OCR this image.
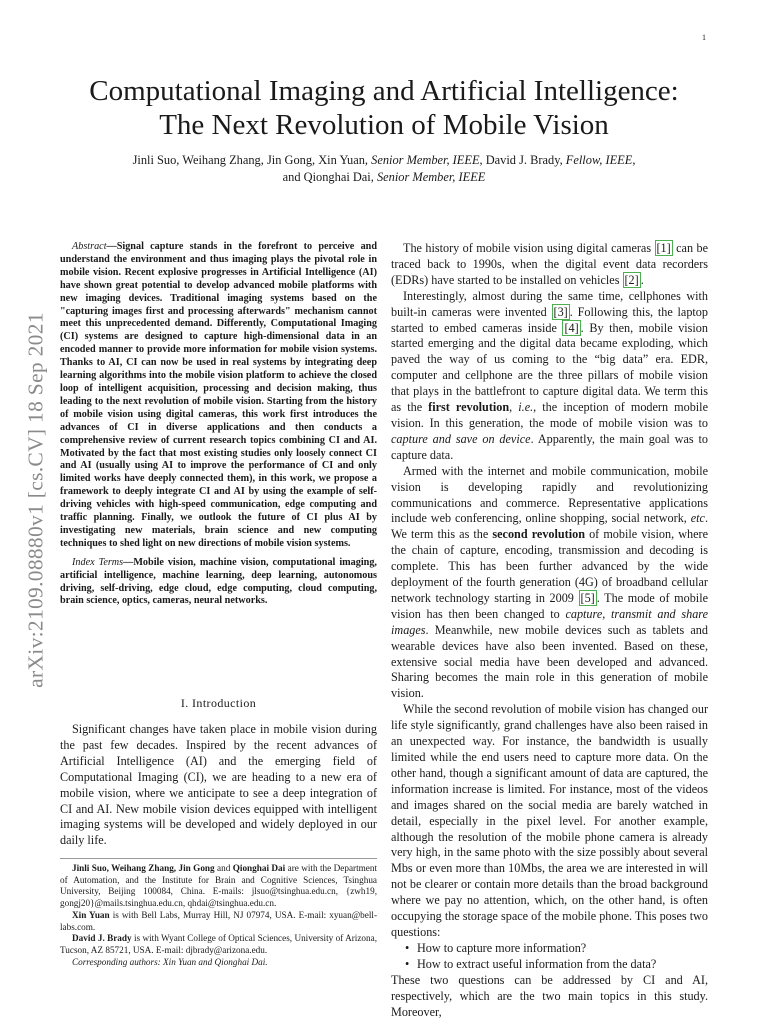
1
arXiv:2109.08880v1 [cs.CV] 18 Sep 2021
Computational Imaging and Artificial Intelligence:
The Next Revolution of Mobile Vision
Jinli Suo, Weihang Zhang, Jin Gong, Xin Yuan, Senior Member, IEEE, David J. Brady, Fellow, IEEE,
and Qionghai Dai, Senior Member, IEEE

Abstract—Signal capture stands in the forefront to perceive and understand the environment and thus imaging plays the pivotal role in mobile vision. Recent explosive progresses in Artificial Intelligence (AI) have shown great potential to develop advanced mobile platforms with new imaging devices. Traditional imaging systems based on the "capturing images first and processing afterwards" mechanism cannot meet this unprecedented demand. Differently, Computational Imaging (CI) systems are designed to capture high-dimensional data in an encoded manner to provide more information for mobile vision systems. Thanks to AI, CI can now be used in real systems by integrating deep learning algorithms into the mobile vision platform to achieve the closed loop of intelligent acquisition, processing and decision making, thus leading to the next revolution of mobile vision. Starting from the history of mobile vision using digital cameras, this work first introduces the advances of CI in diverse applications and then conducts a comprehensive review of current research topics combining CI and AI. Motivated by the fact that most existing studies only loosely connect CI and AI (usually using AI to improve the performance of CI and only limited works have deeply connected them), in this work, we propose a framework to deeply integrate CI and AI by using the example of self-driving vehicles with high-speed communication, edge computing and traffic planning. Finally, we outlook the future of CI plus AI by investigating new materials, brain science and new computing techniques to shed light on new directions of mobile vision systems.

Index Terms—Mobile vision, machine vision, computational imaging, artificial intelligence, machine learning, deep learning, autonomous driving, self-driving, edge cloud, edge computing, cloud computing, brain science, optics, cameras, neural networks.

I. Introduction

Significant changes have taken place in mobile vision during the past few decades. Inspired by the recent advances of Artificial Intelligence (AI) and the emerging field of Computational Imaging (CI), we are heading to a new era of mobile vision, where we anticipate to see a deep integration of CI and AI. New mobile vision devices equipped with intelligent imaging systems will be developed and widely deployed in our daily life.

Jinli Suo, Weihang Zhang, Jin Gong and Qionghai Dai are with the Department of Automation, and the Institute for Brain and Cognitive Sciences, Tsinghua University, Beijing 100084, China. E-mails: jlsuo@tsinghua.edu.cn, {zwh19, gongj20}@mails.tsinghua.edu.cn, qhdai@tsinghua.edu.cn.

Xin Yuan is with Bell Labs, Murray Hill, NJ 07974, USA. E-mail: xyuan@bell-labs.com.

David J. Brady is with Wyant College of Optical Sciences, University of Arizona, Tucson, AZ 85721, USA. E-mail: djbrady@arizona.edu.

Corresponding authors: Xin Yuan and Qionghai Dai.

The history of mobile vision using digital cameras [1] can be traced back to 1990s, when the digital event data recorders (EDRs) have started to be installed on vehicles [2] .

Interestingly, almost during the same time, cellphones with built-in cameras were invented [3] . Following this, the laptop started to embed cameras inside [4] . By then, mobile vision started emerging and the digital data became exploding, which paved the way of us coming to the “big data” era. EDR, computer and cellphone are the three pillars of mobile vision that plays in the battlefront to capture digital data. We term this as the first revolution, i.e., the inception of modern mobile vision. In this generation, the mode of mobile vision was to capture and save on device. Apparently, the main goal was to capture data.

Armed with the internet and mobile communication, mobile vision is developing rapidly and revolutionizing communications and commerce. Representative applications include web conferencing, online shopping, social network, etc. We term this as the second revolution of mobile vision, where the chain of capture, encoding, transmission and decoding is complete. This has been further advanced by the wide deployment of the fourth generation (4G) of broadband cellular network technology starting in 2009 [5] . The mode of mobile vision has then been changed to capture, transmit and share images. Meanwhile, new mobile devices such as tablets and wearable devices have also been invented. Based on these, extensive social media have been developed and advanced. Sharing becomes the main role in this generation of mobile vision.

While the second revolution of mobile vision has changed our life style significantly, grand challenges have also been raised in an unexpected way. For instance, the bandwidth is usually limited while the end users need to capture more data. On the other hand, though a significant amount of data are captured, the information increase is limited. For instance, most of the videos and images shared on the social media are barely watched in detail, especially in the pixel level. For another example, although the resolution of the mobile phone camera is already very high, in the same photo with the size possibly about several Mbs or even more than 10Mbs, the area we are interested in will not be clearer or contain more details than the broad background where we pay no attention, which, on the other hand, is often occupying the storage space of the mobile phone. This poses two questions:

• How to capture more information?
• How to extract useful information from the data?

These two questions can be addressed by CI and AI, respectively, which are the two main topics in this study. Moreover,
